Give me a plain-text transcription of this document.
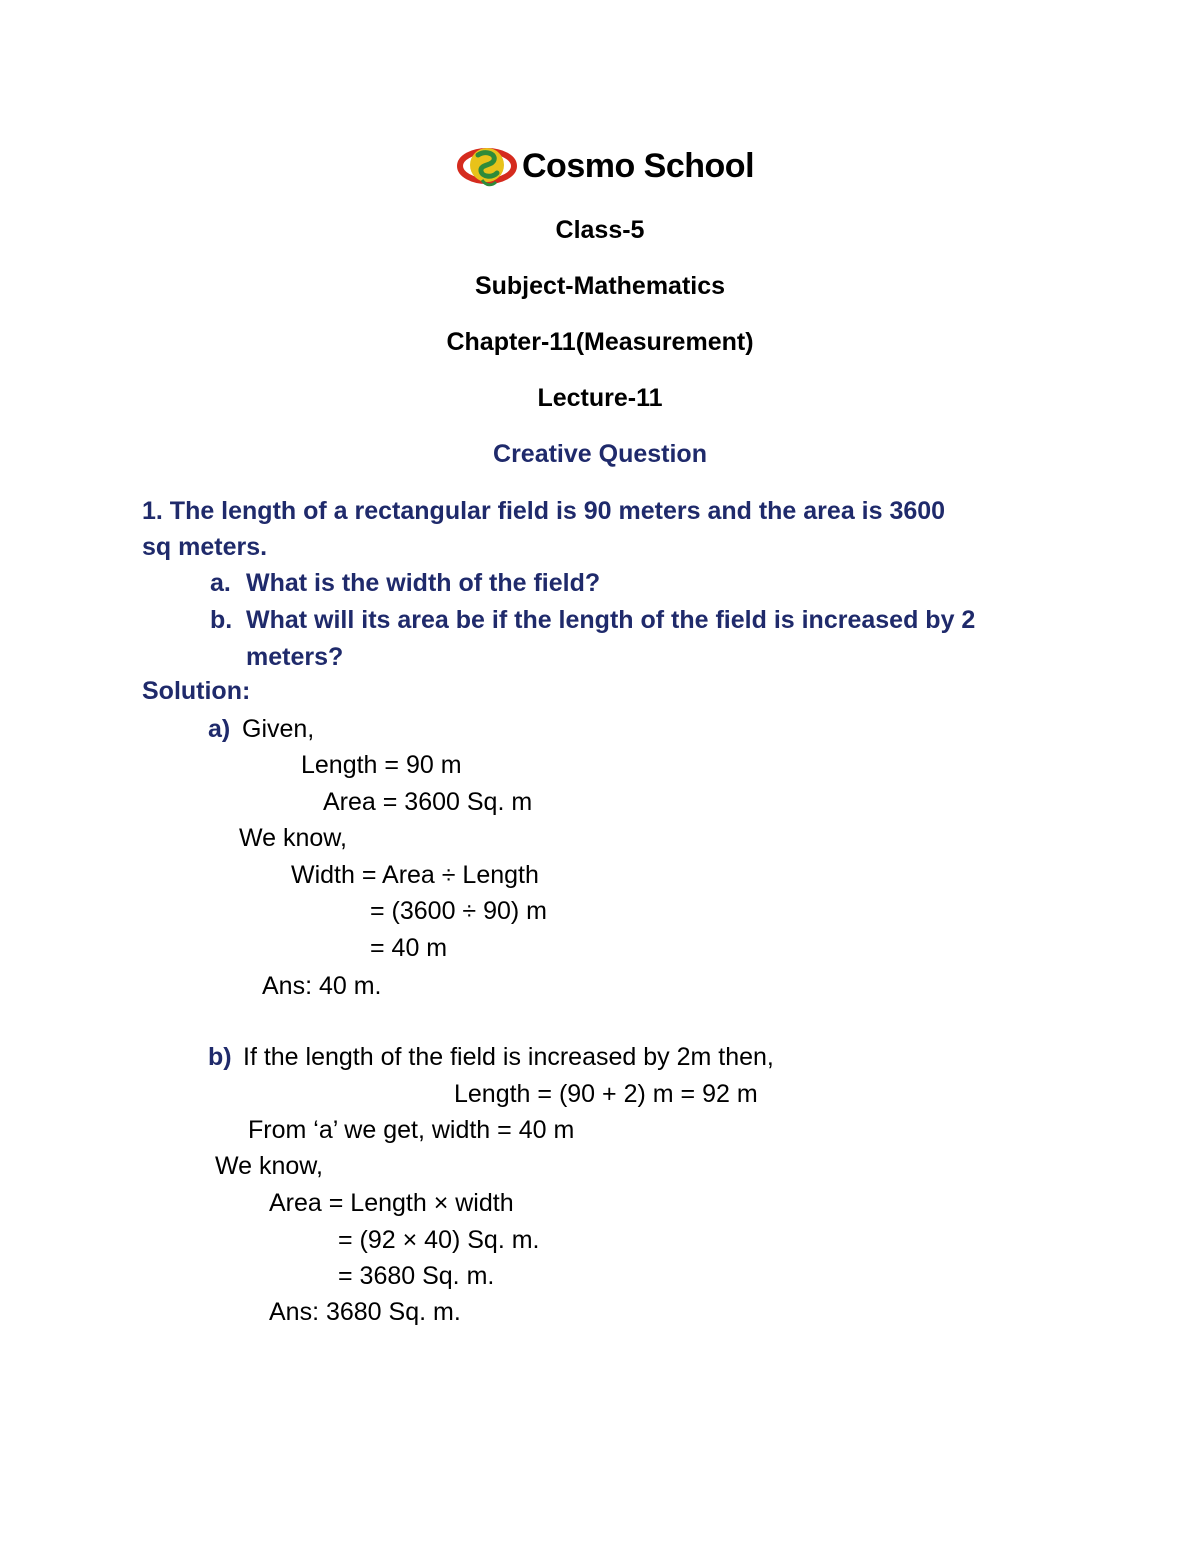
Cosmo School
Class-5
Subject-Mathematics
Chapter-11(Measurement)
Lecture-11
Creative Question
1. The length of a rectangular field is 90 meters and the area is 3600
sq meters.
a. What is the width of the field?
b. What will its area be if the length of the field is increased by 2
meters?
Solution:
a) Given,
Length = 90 m
Area = 3600 Sq. m
We know,
Width = Area ÷ Length
= (3600 ÷ 90) m
= 40 m
Ans: 40 m.
b) If the length of the field is increased by 2m then,
Length = (90 + 2) m = 92 m
From ‘a’ we get, width = 40 m
We know,
Area = Length × width
= (92 × 40) Sq. m.
= 3680 Sq. m.
Ans: 3680 Sq. m.
